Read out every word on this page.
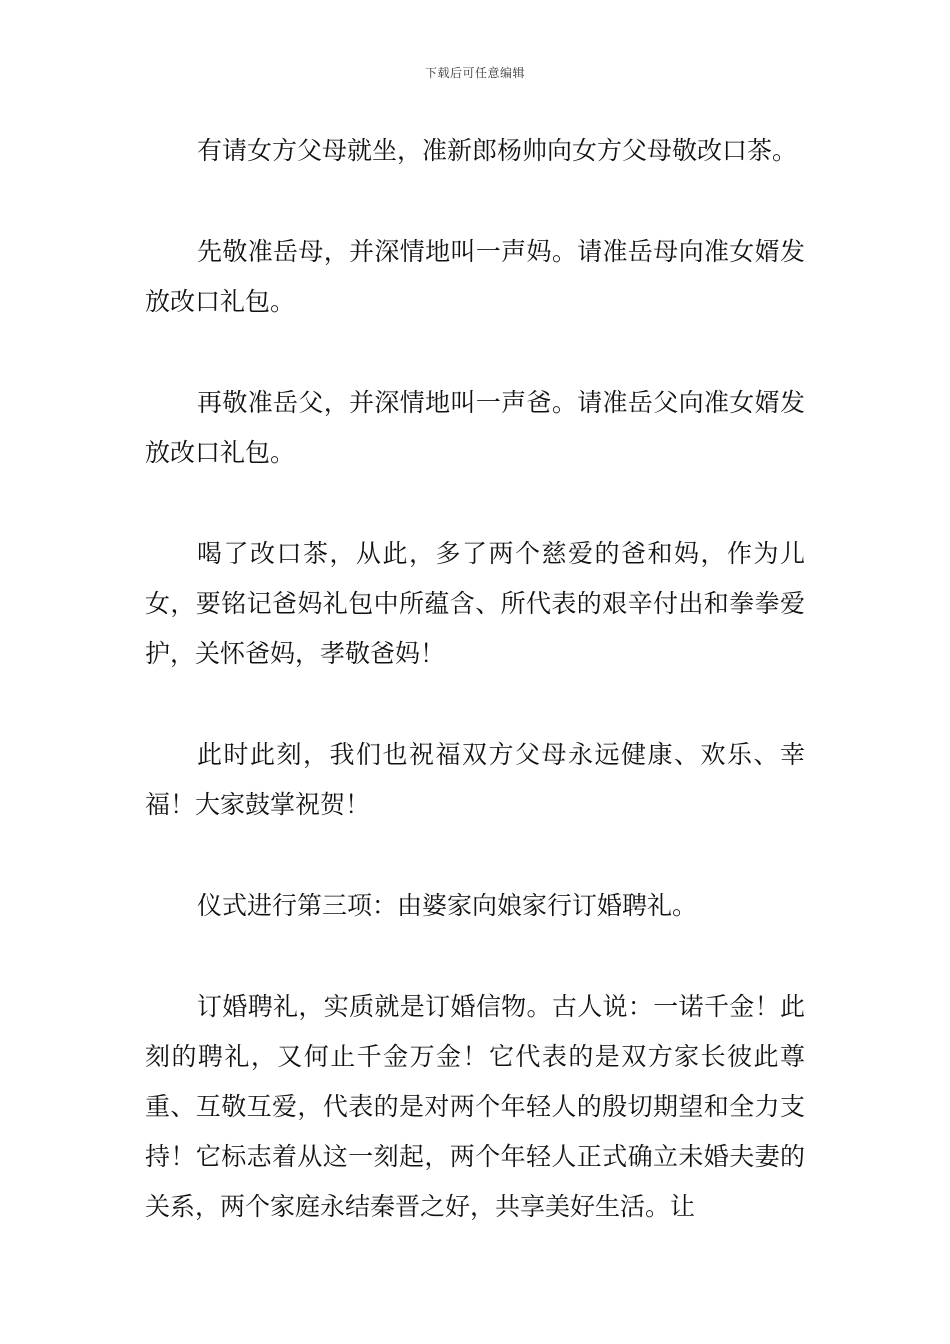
下载后可任意编辑

有请女方父母就坐，准新郎杨帅向女方父母敬改口茶。

先敬准岳母，并深情地叫一声妈。请准岳母向准女婿发放改口礼包。

再敬准岳父，并深情地叫一声爸。请准岳父向准女婿发放改口礼包。

喝了改口茶，从此，多了两个慈爱的爸和妈，作为儿女，要铭记爸妈礼包中所蕴含、所代表的艰辛付出和拳拳爱护，关怀爸妈，孝敬爸妈！

此时此刻，我们也祝福双方父母永远健康、欢乐、幸福！大家鼓掌祝贺！

仪式进行第三项：由婆家向娘家行订婚聘礼。

订婚聘礼，实质就是订婚信物。古人说：一诺千金！此刻的聘礼，又何止千金万金！它代表的是双方家长彼此尊重、互敬互爱，代表的是对两个年轻人的殷切期望和全力支持！它标志着从这一刻起，两个年轻人正式确立未婚夫妻的关系，两个家庭永结秦晋之好，共享美好生活。让
